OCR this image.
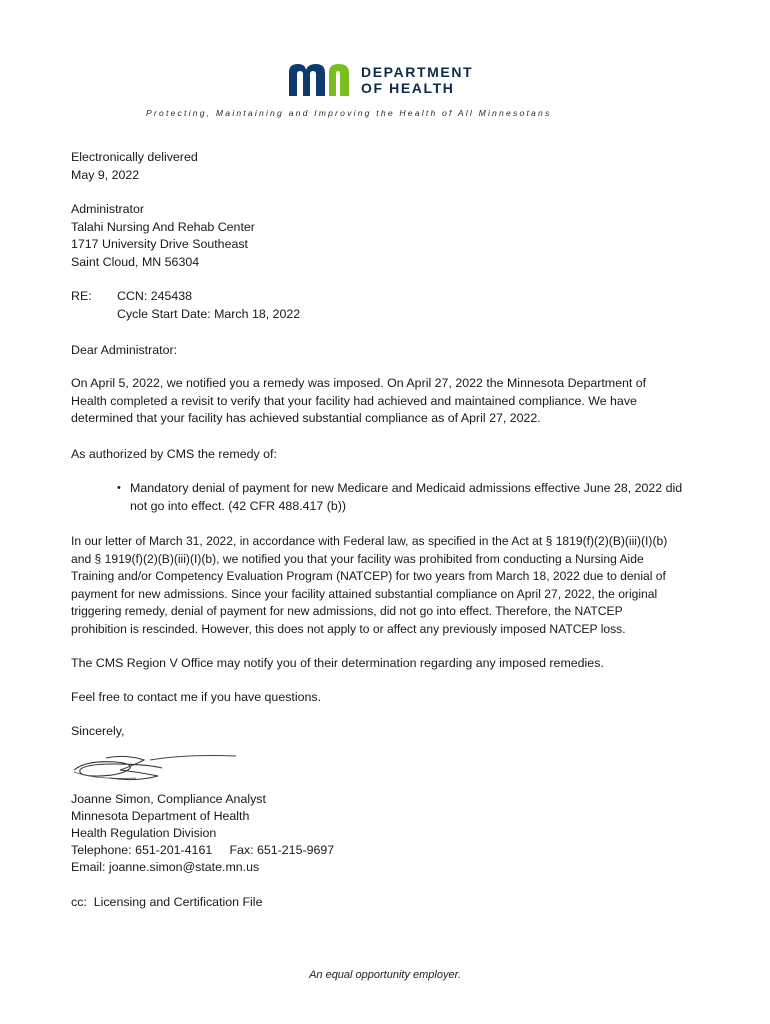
DEPARTMENT
OF HEALTH
Protecting, Maintaining and Improving the Health of All Minnesotans
Electronically delivered
May 9, 2022
Administrator
Talahi Nursing And Rehab Center
1717 University Drive Southeast
Saint Cloud, MN 56304
RE: CCN: 245438
Cycle Start Date: March 18, 2022
Dear Administrator:
On April 5, 2022, we notified you a remedy was imposed. On April 27, 2022 the Minnesota Department of
Health completed a revisit to verify that your facility had achieved and maintained compliance. We have
determined that your facility has achieved substantial compliance as of April 27, 2022.
As authorized by CMS the remedy of:
• Mandatory denial of payment for new Medicare and Medicaid admissions effective June 28, 2022 did
not go into effect. (42 CFR 488.417 (b))
In our letter of March 31, 2022, in accordance with Federal law, as specified in the Act at § 1819(f)(2)(B)(iii)(I)(b)
and § 1919(f)(2)(B)(iii)(I)(b), we notified you that your facility was prohibited from conducting a Nursing Aide
Training and/or Competency Evaluation Program (NATCEP) for two years from March 18, 2022 due to denial of
payment for new admissions. Since your facility attained substantial compliance on April 27, 2022, the original
triggering remedy, denial of payment for new admissions, did not go into effect. Therefore, the NATCEP
prohibition is rescinded. However, this does not apply to or affect any previously imposed NATCEP loss.
The CMS Region V Office may notify you of their determination regarding any imposed remedies.
Feel free to contact me if you have questions.
Sincerely,
Joanne Simon, Compliance Analyst
Minnesota Department of Health
Health Regulation Division
Telephone: 651-201-4161     Fax: 651-215-9697
Email: joanne.simon@state.mn.us
cc:  Licensing and Certification File
An equal opportunity employer.
